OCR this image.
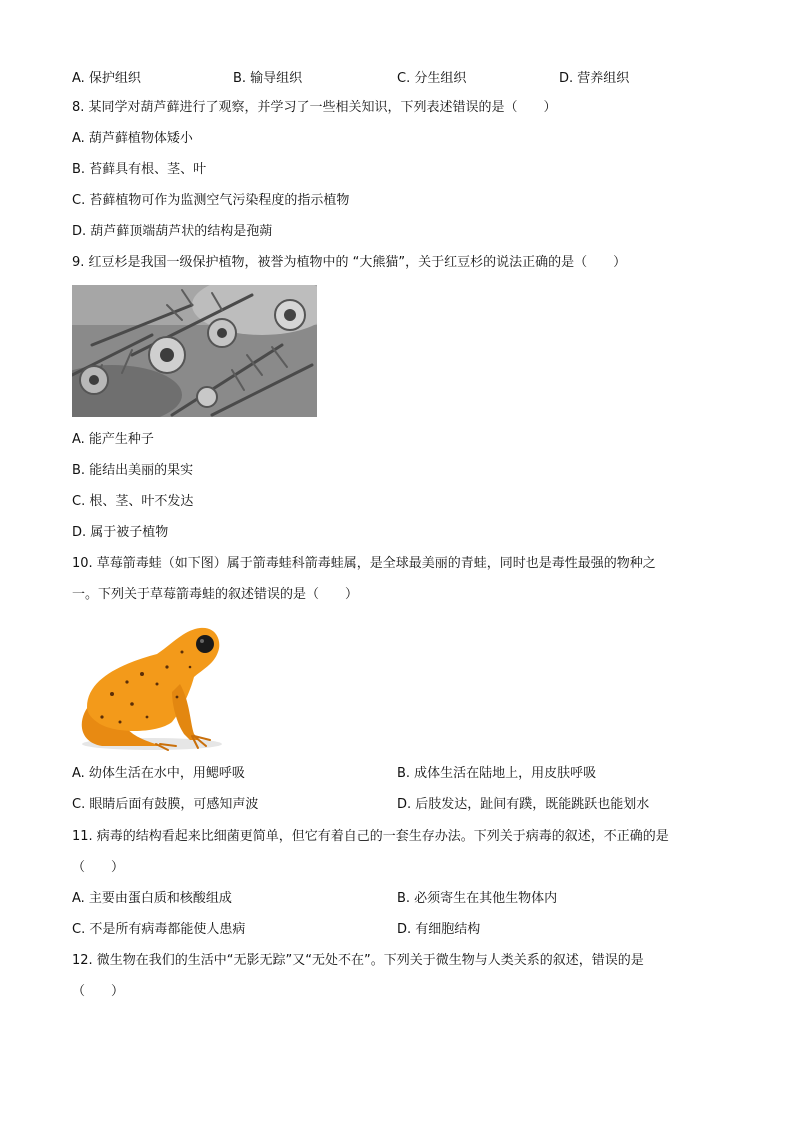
A. 保护组织	B. 输导组织	C. 分生组织	D. 营养组织
8. 某同学对葫芦藓进行了观察，并学习了一些相关知识，下列表述错误的是（　　）
A. 葫芦藓植物体矮小
B. 苔藓具有根、茎、叶
C. 苔藓植物可作为监测空气污染程度的指示植物
D. 葫芦藓顶端葫芦状的结构是孢蒴
9. 红豆杉是我国一级保护植物，被誉为植物中的 “大熊猫”，关于红豆杉的说法正确的是（　　）
A. 能产生种子
B. 能结出美丽的果实
C. 根、茎、叶不发达
D. 属于被子植物
10. 草莓箭毒蛙（如下图）属于箭毒蛙科箭毒蛙属，是全球最美丽的青蛙，同时也是毒性最强的物种之
一。下列关于草莓箭毒蛙的叙述错误的是（　　）
A. 幼体生活在水中，用鳃呼吸	B. 成体生活在陆地上，用皮肤呼吸
C. 眼睛后面有鼓膜，可感知声波	D. 后肢发达，趾间有蹼，既能跳跃也能划水
11. 病毒的结构看起来比细菌更简单，但它有着自己的一套生存办法。下列关于病毒的叙述，不正确的是
（　　）
A. 主要由蛋白质和核酸组成	B. 必须寄生在其他生物体内
C. 不是所有病毒都能使人患病	D. 有细胞结构
12. 微生物在我们的生活中“无影无踪”又“无处不在”。下列关于微生物与人类关系的叙述，错误的是
（　　）
